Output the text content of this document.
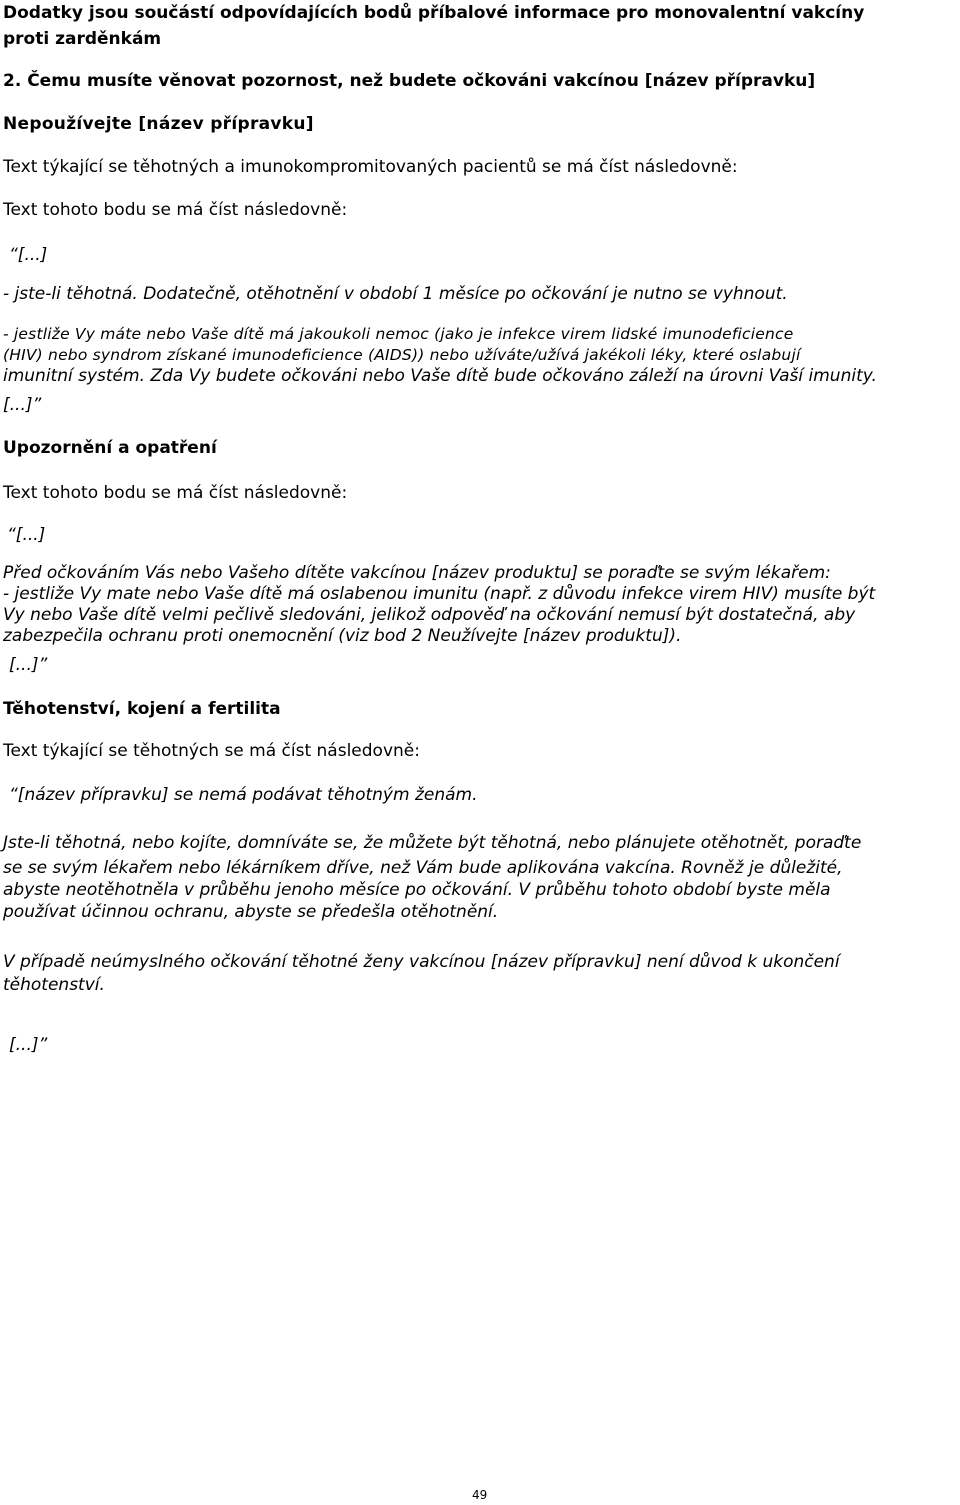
Dodatky jsou součástí odpovídajících bodů příbalové informace pro monovalentní vakcíny

proti zarděnkám

2. Čemu musíte věnovat pozornost, než budete očkováni vakcínou [název přípravku]

Nepoužívejte [název přípravku]

Text týkající se těhotných a imunokompromitovaných pacientů se má číst následovně:

Text tohoto bodu se má číst následovně:

“[...]

- jste-li těhotná. Dodatečně, otěhotnění v období 1 měsíce po očkování je nutno se vyhnout.

- jestliže Vy máte nebo Vaše dítě má jakoukoli nemoc (jako je infekce virem lidské imunodeficience

(HIV) nebo syndrom získané imunodeficience (AIDS)) nebo užíváte/užívá jakékoli léky, které oslabují

imunitní systém. Zda Vy budete očkováni nebo Vaše dítě bude očkováno záleží na úrovni Vaší imunity.

[...]”

Upozornění a opatření

Text tohoto bodu se má číst následovně:

“[...]

Před očkováním Vás nebo Vašeho dítěte vakcínou [název produktu] se poraďte se svým lékařem:

- jestliže Vy mate nebo Vaše dítě má oslabenou imunitu (např. z důvodu infekce virem HIV) musíte být

Vy nebo Vaše dítě velmi pečlivě sledováni, jelikož odpověď na očkování nemusí být dostatečná, aby

zabezpečila ochranu proti onemocnění (viz bod 2 Neužívejte [název produktu]).

[...]”

Těhotenství, kojení a fertilita

Text týkající se těhotných se má číst následovně:

“[název přípravku] se nemá podávat těhotným ženám.

Jste-li těhotná, nebo kojíte, domníváte se, že můžete být těhotná, nebo plánujete otěhotnět, poraďte

se se svým lékařem nebo lékárníkem dříve, než Vám bude aplikována vakcína. Rovněž je důležité,

abyste neotěhotněla v průběhu jenoho měsíce po očkování. V průběhu tohoto období byste měla

používat účinnou ochranu, abyste se předešla otěhotnění.

V případě neúmyslného očkování těhotné ženy vakcínou [název přípravku] není důvod k ukončení

těhotenství.

[...]”

49
